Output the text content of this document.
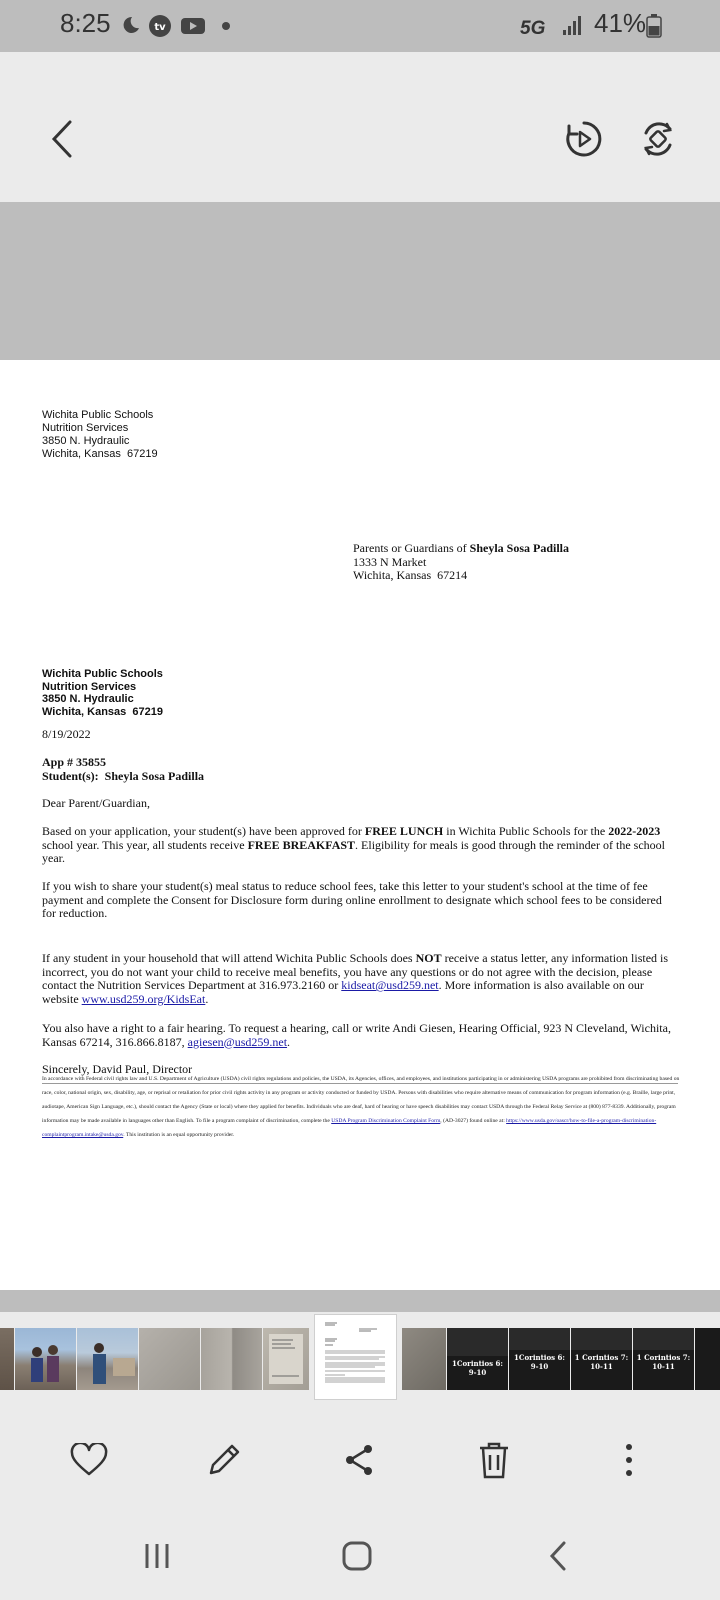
8:25	tv	5G 41%
Wichita Public Schools
Nutrition Services
3850 N. Hydraulic
Wichita, Kansas  67219
Parents or Guardians of Sheyla Sosa Padilla
1333 N Market
Wichita, Kansas  67214
Wichita Public Schools
Nutrition Services
3850 N. Hydraulic
Wichita, Kansas  67219
8/19/2022
App # 35855
Student(s):  Sheyla Sosa Padilla
Dear Parent/Guardian,
Based on your application, your student(s) have been approved for FREE LUNCH in Wichita Public Schools for the 2022-2023 school year. This year, all students receive FREE BREAKFAST. Eligibility for meals is good through the reminder of the school year.
If you wish to share your student(s) meal status to reduce school fees, take this letter to your student's school at the time of fee payment and complete the Consent for Disclosure form during online enrollment to designate which school fees to be considered for reduction.
If any student in your household that will attend Wichita Public Schools does NOT receive a status letter, any information listed is incorrect, you do not want your child to receive meal benefits, you have any questions or do not agree with the decision, please contact the Nutrition Services Department at 316.973.2160 or kidseat@usd259.net. More information is also available on our website www.usd259.org/KidsEat.
You also have a right to a fair hearing. To request a hearing, call or write Andi Giesen, Hearing Official, 923 N Cleveland, Wichita, Kansas 67214, 316.866.8187, agiesen@usd259.net.
Sincerely, David Paul, Director
In accordance with Federal civil rights law and U.S. Department of Agriculture (USDA) civil rights regulations and policies, the USDA, its Agencies, offices, and employees, and institutions participating in or administering USDA programs are prohibited from discriminating based on race, color, national origin, sex, disability, age, or reprisal or retaliation for prior civil rights activity in any program or activity conducted or funded by USDA. Persons with disabilities who require alternative means of communication for program information (e.g. Braille, large print, audiotape, American Sign Language, etc.), should contact the Agency (State or local) where they applied for benefits. Individuals who are deaf, hard of hearing or have speech disabilities may contact USDA through the Federal Relay Service at (800) 877-8339. Additionally, program information may be made available in languages other than English. To file a program complaint of discrimination, complete the USDA Program Discrimination Complaint Form, (AD-3027) found online at: https://www.usda.gov/oascr/how-to-file-a-program-discrimination-complaintprogram.intake@usda.gov. This institution is an equal opportunity provider.
1Corintios 6: 9-10
1Corintios 6: 9-10
1 Corintios 7: 10-11
1 Corintios 7: 10-11
